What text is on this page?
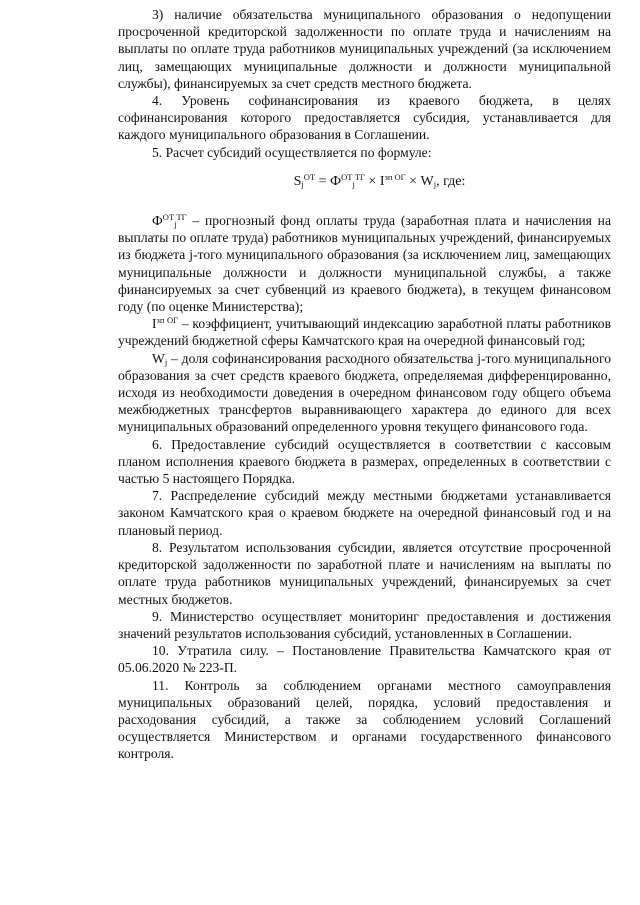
3) наличие обязательства муниципального образования о недопущении просроченной кредиторской задолженности по оплате труда и начислениям на выплаты по оплате труда работников муниципальных учреждений (за исключением лиц, замещающих муниципальные должности и должности муниципальной службы), финансируемых за счет средств местного бюджета.

4. Уровень софинансирования из краевого бюджета, в целях софинансирования которого предоставляется субсидия, устанавливается для каждого муниципального образования в Соглашении.

5. Расчет субсидий осуществляется по формуле:

$S_j^{ОТ} = Ф^{ОТ}_j^{ТГ} \times I^{зп ОГ} \times W_j$, где:

$Ф^{ОТ}_j^{ТГ}$ – прогнозный фонд оплаты труда (заработная плата и начисления на выплаты по оплате труда) работников муниципальных учреждений, финансируемых из бюджета j-того муниципального образования (за исключением лиц, замещающих муниципальные должности и должности муниципальной службы, а также финансируемых за счет субвенций из краевого бюджета), в текущем финансовом году (по оценке Министерства);

$I^{зп ОГ}$ – коэффициент, учитывающий индексацию заработной платы работников учреждений бюджетной сферы Камчатского края на очередной финансовый год;

$W_j$ – доля софинансирования расходного обязательства j-того муниципального образования за счет средств краевого бюджета, определяемая дифференцированно, исходя из необходимости доведения в очередном финансовом году общего объема межбюджетных трансфертов выравнивающего характера до единого для всех муниципальных образований определенного уровня текущего финансового года.

6. Предоставление субсидий осуществляется в соответствии с кассовым планом исполнения краевого бюджета в размерах, определенных в соответствии с частью 5 настоящего Порядка.

7. Распределение субсидий между местными бюджетами устанавливается законом Камчатского края о краевом бюджете на очередной финансовый год и на плановый период.

8. Результатом использования субсидии, является отсутствие просроченной кредиторской задолженности по заработной плате и начислениям на выплаты по оплате труда работников муниципальных учреждений, финансируемых за счет местных бюджетов.

9. Министерство осуществляет мониторинг предоставления и достижения значений результатов использования субсидий, установленных в Соглашении.

10. Утратила силу. – Постановление Правительства Камчатского края от 05.06.2020 № 223-П.

11. Контроль за соблюдением органами местного самоуправления муниципальных образований целей, порядка, условий предоставления и расходования субсидий, а также за соблюдением условий Соглашений осуществляется Министерством и органами государственного финансового контроля.
